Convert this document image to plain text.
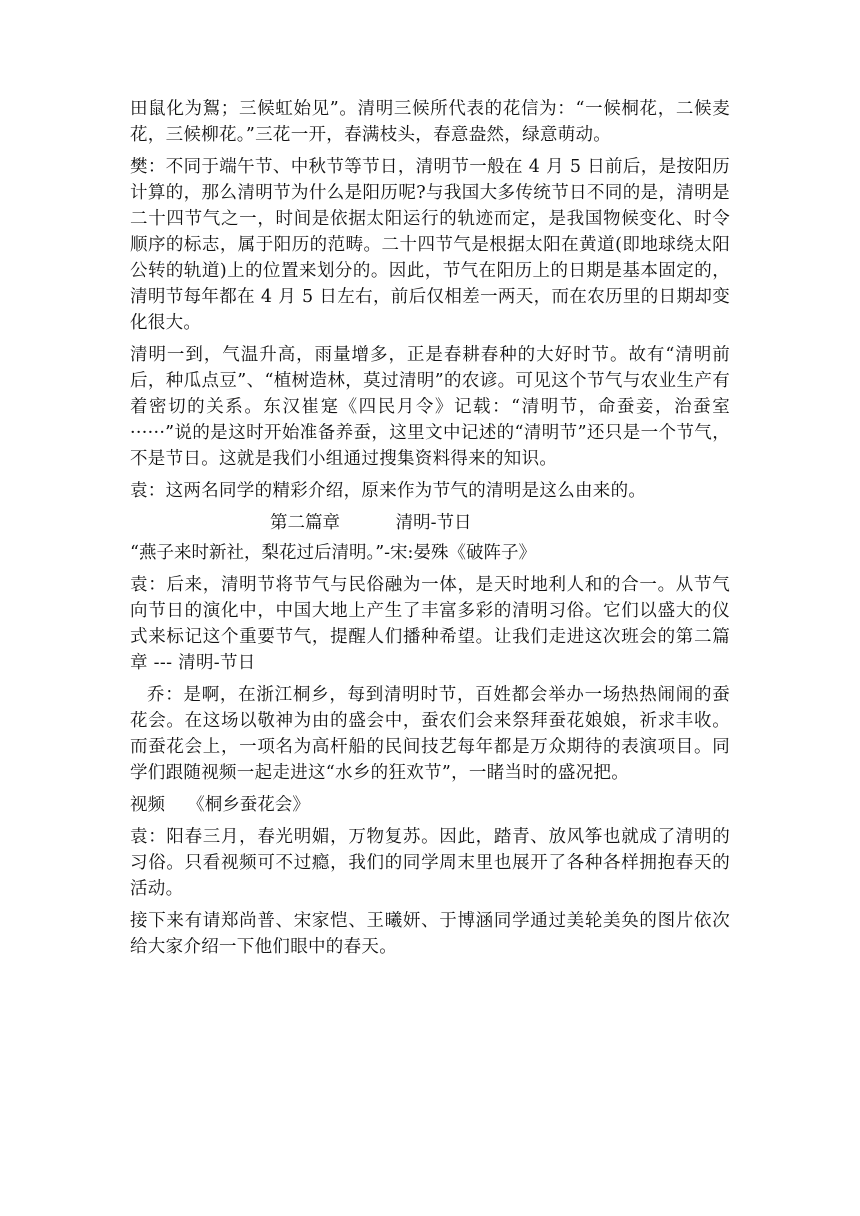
田鼠化为鴽；三候虹始见”。清明三候所代表的花信为：“一候桐花，二候麦花，三候柳花。”三花一开，春满枝头，春意盎然，绿意萌动。

樊：不同于端午节、中秋节等节日，清明节一般在 4 月 5 日前后，是按阳历计算的，那么清明节为什么是阳历呢?与我国大多传统节日不同的是，清明是二十四节气之一，时间是依据太阳运行的轨迹而定，是我国物候变化、时令顺序的标志，属于阳历的范畴。二十四节气是根据太阳在黄道(即地球绕太阳公转的轨道)上的位置来划分的。因此，节气在阳历上的日期是基本固定的，清明节每年都在 4 月 5 日左右，前后仅相差一两天，而在农历里的日期却变化很大。

清明一到，气温升高，雨量增多，正是春耕春种的大好时节。故有“清明前后，种瓜点豆”、“植树造林，莫过清明”的农谚。可见这个节气与农业生产有着密切的关系。东汉崔寔《四民月令》记载：“清明节，命蚕妾，治蚕室······”说的是这时开始准备养蚕，这里文中记述的“清明节”还只是一个节气，不是节日。这就是我们小组通过搜集资料得来的知识。

袁：这两名同学的精彩介绍，原来作为节气的清明是这么由来的。

第二篇章          清明-节日
“燕子来时新社，梨花过后清明。”-宋:晏殊《破阵子》

袁：后来，清明节将节气与民俗融为一体，是天时地利人和的合一。从节气向节日的演化中，中国大地上产生了丰富多彩的清明习俗。它们以盛大的仪式来标记这个重要节气，提醒人们播种希望。让我们走进这次班会的第二篇章 --- 清明-节日

乔：是啊，在浙江桐乡，每到清明时节，百姓都会举办一场热热闹闹的蚕花会。在这场以敬神为由的盛会中，蚕农们会来祭拜蚕花娘娘，祈求丰收。而蚕花会上，一项名为高杆船的民间技艺每年都是万众期待的表演项目。同学们跟随视频一起走进这“水乡的狂欢节”，一睹当时的盛况把。

视频    《桐乡蚕花会》

袁：阳春三月，春光明媚，万物复苏。因此，踏青、放风筝也就成了清明的习俗。只看视频可不过瘾，我们的同学周末里也展开了各种各样拥抱春天的活动。

接下来有请郑尚普、宋家恺、王曦妍、于博涵同学通过美轮美奂的图片依次给大家介绍一下他们眼中的春天。
